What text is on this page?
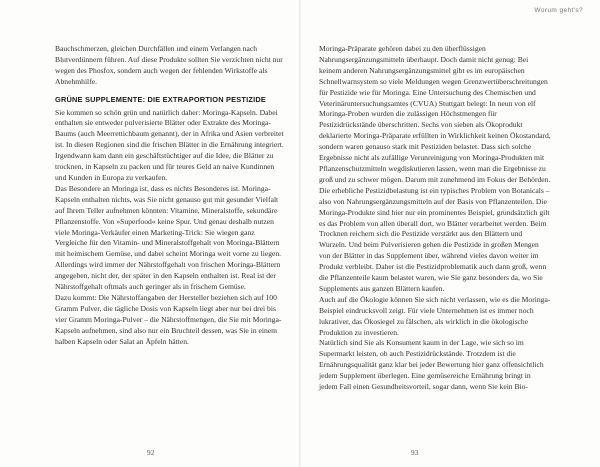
Bauchschmerzen, gleichen Durchfällen und einem Verlangen nach Blutverdünnern führen. Auf diese Produkte sollten Sie verzichten nicht nur wegen des Phosfox, sondern auch wegen der fehlenden Wirkstoffe als Abnehmhilfe.

GRÜNE SUPPLEMENTE: DIE EXTRAPORTION PESTIZIDE

Sie kommen so schön grün und natürlich daher: Moringa-Kapseln. Dabei enthalten sie entweder pulverisierte Blätter oder Extrakte des Moringa-Baums (auch Meerrettichbaum genannt), der in Afrika und Asien verbreitet ist. In diesen Regionen sind die frischen Blätter in die Ernährung integriert. Irgendwann kam dann ein geschäftstüchtiger auf die Idee, die Blätter zu trocknen, in Kapseln zu packen und für teures Geld an naive Kundinnen und Kunden in Europa zu verkaufen.

Das Besondere an Moringa ist, dass es nichts Besonderes ist. Moringa-Kapseln enthalten nichts, was Sie nicht genauso gut mit gesunder Vielfalt auf Ihrem Teller aufnehmen könnten: Vitamine, Mineralstoffe, sekundäre Pflanzenstoffe. Von »Superfood« keine Spur. Und genau deshalb nutzen viele Moringa-Verkäufer einen Marketing-Trick: Sie wiegen ganz Vergleiche für den Vitamin- und Mineralstoffgehalt von Moringa-Blättern mit heimischem Gemüse, und dabei scheint Moringa weit vorne zu liegen. Allerdings wird immer der Nährstoffgehalt von frischen Moringa-Blättern angegeben, nicht der, der später in den Kapseln enthalten ist. Real ist der Nährstoffgehalt oftmals auch geringer als in frischem Gemüse.

Dazu kommt: Die Nährstoffangaben der Hersteller beziehen sich auf 100 Gramm Pulver, die tägliche Dosis von Kapseln liegt aber nur bei drei bis vier Gramm Moringa-Pulver – die Nährstoffmengen, die Sie mit Moringa-Kapseln aufnehmen, sind also nur ein Bruchteil dessen, was Sie in einem halben Kapseln oder Salat an Äpfeln hätten.

92
Worum geht's?

Moringa-Präparate gehören dabei zu den überflüssigen Nahrungsergänzungsmitteln überhaupt. Doch damit nicht genug: Bei keinem anderen Nahrungsergänzungsmittel gibt es im europäischen Schnellwarnsystem so viele Meldungen wegen Grenzwertüberschreitungen für Pestizide wie für Moringa. Eine Untersuchung des Chemischen und Veterinäruntersuchungsamtes (CVUA) Stuttgart belegt: In neun von elf Moringa-Proben wurden die zulässigen Höchstmengen für Pestizidrückstände überschritten. Sechs von sieben als Ökoprodukt deklarierte Moringa-Präparate erfüllten in Wirklichkeit keinen Ökostandard, sondern waren genauso stark mit Pestiziden belastet. Dass sich solche Ergebnisse nicht als zufällige Verunreinigung von Moringa-Produkten mit Pflanzenschutzmitteln wegdiskutieren lassen, wenn man die Ergebnisse zu groß und zu schwer mögen. Darum mit zunehmend im Fokus der Behörden.

Die erhebliche Pestizidbelastung ist ein typisches Problem von Botanicals – also von Nahrungsergänzungsmitteln auf der Basis von Pflanzenteilen. Die Moringa-Produkte sind hier nur ein prominentes Beispiel, grundsätzlich gilt es das Problem von allen überall dort, wo Blätter verarbeitet werden. Beim Trocknen reichern sich die Pestizide verstärkt aus den Blättern und Wurzeln. Und beim Pulverisieren gehen die Pestizide in großen Mengen von der Blätter in das Supplement über, während vieles davon weiter im Produkt verbleibt. Daher ist die Pestizidproblematik auch dann groß, wenn die Pflanzenteile kaum belastet waren, wie Sie ganz besonders da, wo Sie Supplements aus ganzen Blättern kaufen.

Auch auf die Ökologie können Sie sich nicht verlassen, wie es die Moringa-Beispiel eindrucksvoll zeigt. Für viele Unternehmen ist es immer noch lukrativer, das Ökosiegel zu fälschen, als wirklich in die ökologische Produktion zu investieren.

Natürlich sind Sie als Konsument kaum in der Lage, wie sich so im Supermarkt leisten, ob auch Pestizidrückstände. Trotzdem ist die Ernährungsqualität ganz klar bei jeder Bewertung hier ganz offensichtlich jedem Supplement überlegen. Eine gemüsereiche Ernährung bringt in jedem Fall einen Gesundheitsvorteil, sogar dann, wenn Sie kein Bio-

93
